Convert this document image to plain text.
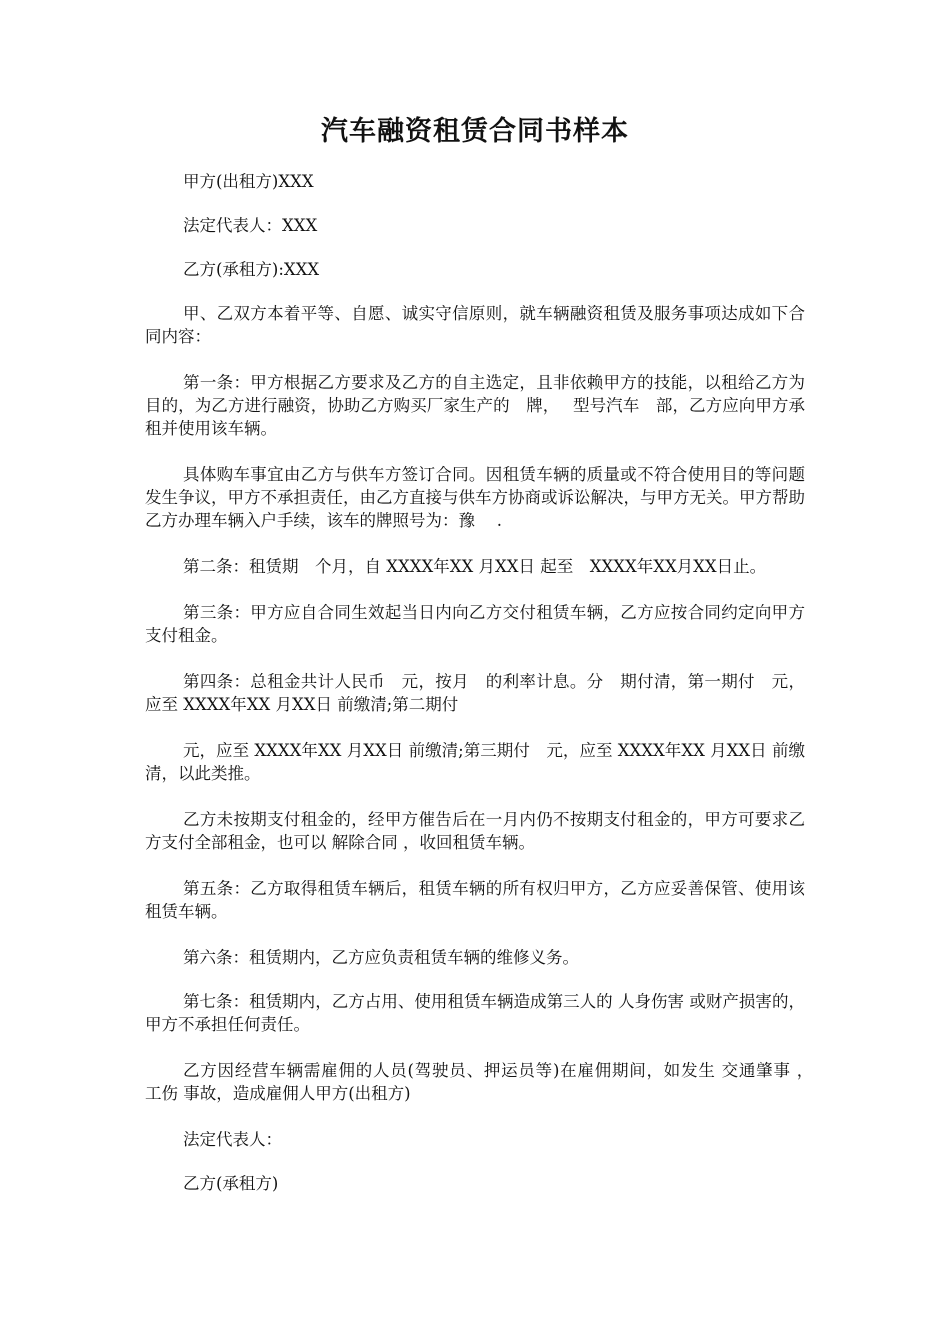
汽车融资租赁合同书样本

甲方(出租方)XXX

法定代表人：XXX

乙方(承租方):XXX

甲、乙双方本着平等、自愿、诚实守信原则，就车辆融资租赁及服务事项达成如下合同内容：

第一条：甲方根据乙方要求及乙方的自主选定，且非依赖甲方的技能，以租给乙方为目的，为乙方进行融资，协助乙方购买厂家生产的　牌，　 型号汽车　部，乙方应向甲方承租并使用该车辆。

具体购车事宜由乙方与供车方签订合同。因租赁车辆的质量或不符合使用目的等问题发生争议，甲方不承担责任，由乙方直接与供车方协商或诉讼解决，与甲方无关。甲方帮助乙方办理车辆入户手续，该车的牌照号为：豫　 .

第二条：租赁期　个月，自 XXXX年XX 月XX日 起至　XXXX年XX月XX日止。

第三条：甲方应自合同生效起当日内向乙方交付租赁车辆，乙方应按合同约定向甲方支付租金。

第四条：总租金共计人民币　元，按月　的利率计息。分　期付清，第一期付　元，应至 XXXX年XX 月XX日 前缴清;第二期付

元，应至 XXXX年XX 月XX日 前缴清;第三期付　元，应至 XXXX年XX 月XX日 前缴清，以此类推。

乙方未按期支付租金的，经甲方催告后在一月内仍不按期支付租金的，甲方可要求乙方支付全部租金，也可以 解除合同 ，收回租赁车辆。

第五条：乙方取得租赁车辆后，租赁车辆的所有权归甲方，乙方应妥善保管、使用该租赁车辆。

第六条：租赁期内，乙方应负责租赁车辆的维修义务。

第七条：租赁期内，乙方占用、使用租赁车辆造成第三人的 人身伤害 或财产损害的，甲方不承担任何责任。

乙方因经营车辆需雇佣的人员(驾驶员、押运员等)在雇佣期间，如发生 交通肇事 ，　工伤 事故，造成雇佣人甲方(出租方)

法定代表人：

乙方(承租方)
